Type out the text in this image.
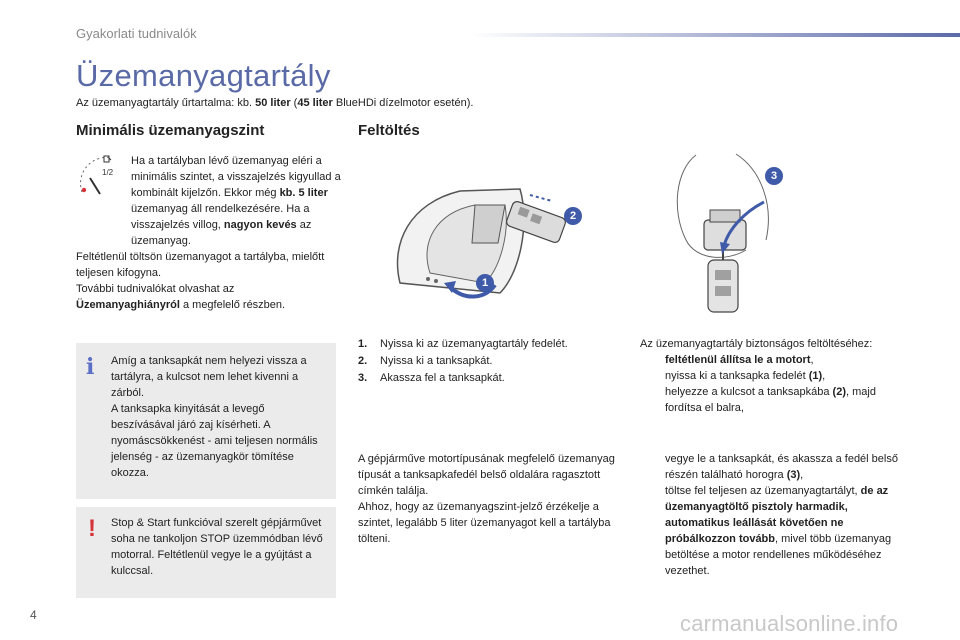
Gyakorlati tudnivalók
Üzemanyagtartály

Az üzemanyagtartály űrtartalma: kb. 50 liter (45 liter BlueHDi dízelmotor esetén).

Minimális üzemanyagszint
1/2

Ha a tartályban lévő üzemanyag eléri a minimális szintet, a visszajelzés kigyullad a kombinált kijelzőn. Ekkor még kb. 5 liter üzemanyag áll rendelkezésére. Ha a visszajelzés villog, nagyon kevés az üzemanyag.

Feltétlenül töltsön üzemanyagot a tartályba, mielőtt teljesen kifogyna.

További tudnivalókat olvashat az
Üzemanyaghiányról a megfelelő részben.

i Amíg a tanksapkát nem helyezi vissza a tartályra, a kulcsot nem lehet kivenni a zárból.

A tanksapka kinyitását a levegő beszívásával járó zaj kísérheti. A nyomáscsökkenést - ami teljesen normális jelenség - az üzemanyagkör tömítése okozza.

! Stop & Start funkcióval szerelt gépjárművet soha ne tankoljon STOP üzemmódban lévő motorral. Feltétlenül vegye le a gyújtást a kulccsal.

Feltöltés
1
2
3
1. Nyissa ki az üzemanyagtartály fedelét.
2. Nyissa ki a tanksapkát.
3. Akassza fel a tanksapkát.

A gépjárműve motortípusának megfelelő üzemanyag típusát a tanksapkafedél belső oldalára ragasztott címkén találja.

Ahhoz, hogy az üzemanyagszint-jelző érzékelje a szintet, legalább 5 liter üzemanyagot kell a tartályba tölteni.

Az üzemanyagtartály biztonságos feltöltéséhez:

feltétlenül állítsa le a motort,
nyissa ki a tanksapka fedelét (1),
helyezze a kulcsot a tanksapkába (2), majd fordítsa el balra,
vegye le a tanksapkát, és akassza a fedél belső részén található horogra (3),
töltse fel teljesen az üzemanyagtartályt, de az üzemanyagtöltő pisztoly harmadik, automatikus leállását követően ne próbálkozzon tovább, mivel több üzemanyag betöltése a motor rendellenes működéséhez vezethet.
4	carmanualsonline.info
